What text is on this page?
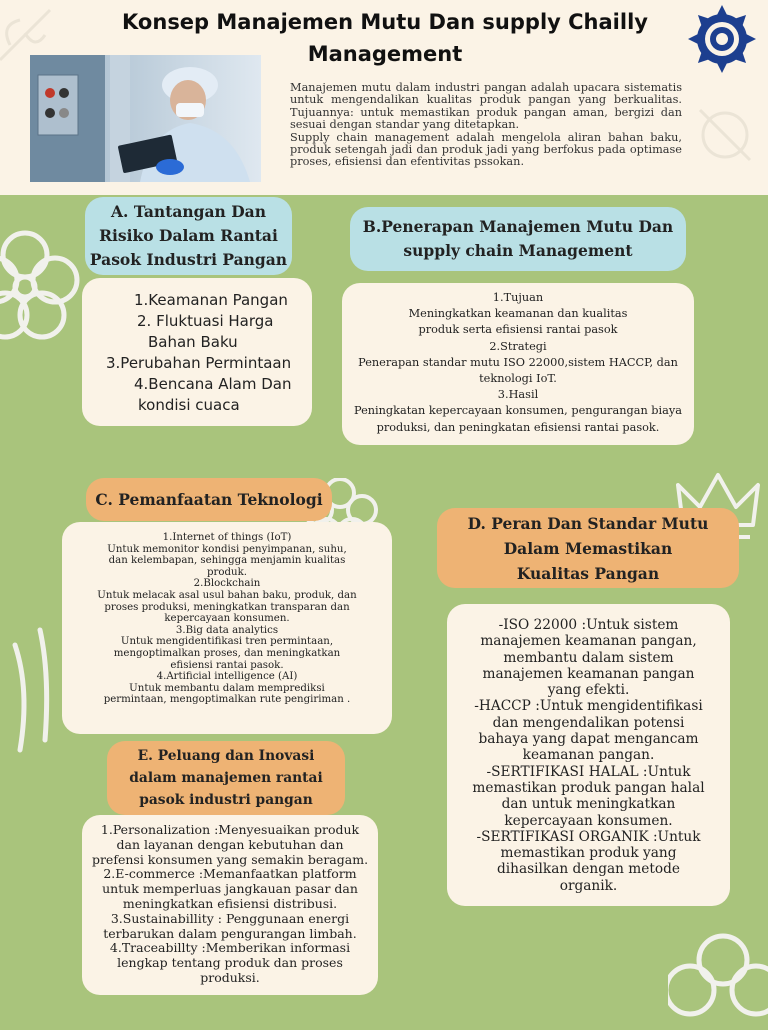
Konsep Manajemen Mutu Dan supply Chailly Management

Manajemen mutu dalam industri pangan adalah upacara sistematis untuk mengendalikan kualitas produk pangan yang berkualitas. Tujuannya: untuk memastikan produk pangan aman, bergizi dan sesuai dengan standar yang ditetapkan.

Supply chain management adalah mengelola aliran bahan baku, produk setengah jadi dan produk jadi yang berfokus pada optimase proses, efisiensi dan efentivitas pssokan.

A. Tantangan Dan Risiko Dalam Rantai Pasok Industri Pangan
1.Keamanan Pangan
2. Fluktuasi Harga
Bahan Baku
3.Perubahan Permintaan
4.Bencana Alam Dan
kondisi cuaca
B.Penerapan Manajemen Mutu Dan supply chain Management
1.Tujuan
Meningkatkan keamanan dan kualitas
produk serta efisiensi rantai pasok
2.Strategi
Penerapan standar mutu ISO 22000,sistem HACCP, dan
teknologi IoT.
3.Hasil
Peningkatan kepercayaan konsumen, pengurangan biaya
produksi, dan peningkatan efisiensi rantai pasok.
C. Pemanfaatan Teknologi
1.Internet of things (IoT)
Untuk memonitor kondisi penyimpanan, suhu,
dan kelembapan, sehingga menjamin kualitas
produk.
2.Blockchain
Untuk melacak asal usul bahan baku, produk, dan
proses produksi, meningkatkan transparan dan
kepercayaan konsumen.
3.Big data analytics
Untuk mengidentifikasi tren permintaan,
mengoptimalkan proses, dan meningkatkan
efisiensi rantai pasok.
4.Artificial intelligence (AI)
Untuk membantu dalam memprediksi
permintaan, mengoptimalkan rute pengiriman .
D. Peran Dan Standar Mutu Dalam Memastikan Kualitas Pangan
-ISO 22000 :Untuk sistem
manajemen keamanan pangan,
membantu dalam sistem
manajemen keamanan pangan
yang efekti.
-HACCP :Untuk mengidentifikasi
dan mengendalikan potensi
bahaya yang dapat mengancam
keamanan pangan.
-SERTIFIKASI HALAL :Untuk
memastikan produk pangan halal
dan untuk meningkatkan
kepercayaan konsumen.
-SERTIFIKASI ORGANIK :Untuk
memastikan produk yang
dihasilkan dengan metode
organik.
E. Peluang dan Inovasi dalam manajemen rantai pasok industri pangan
1.Personalization :Menyesuaikan produk
dan layanan dengan kebutuhan dan
prefensi konsumen yang semakin beragam.
2.E-commerce :Memanfaatkan platform
untuk memperluas jangkauan pasar dan
meningkatkan efisiensi distribusi.
3.Sustainabillity : Penggunaan energi
terbarukan dalam pengurangan limbah.
4.Traceabillty :Memberikan informasi
lengkap tentang produk dan proses
produksi.
